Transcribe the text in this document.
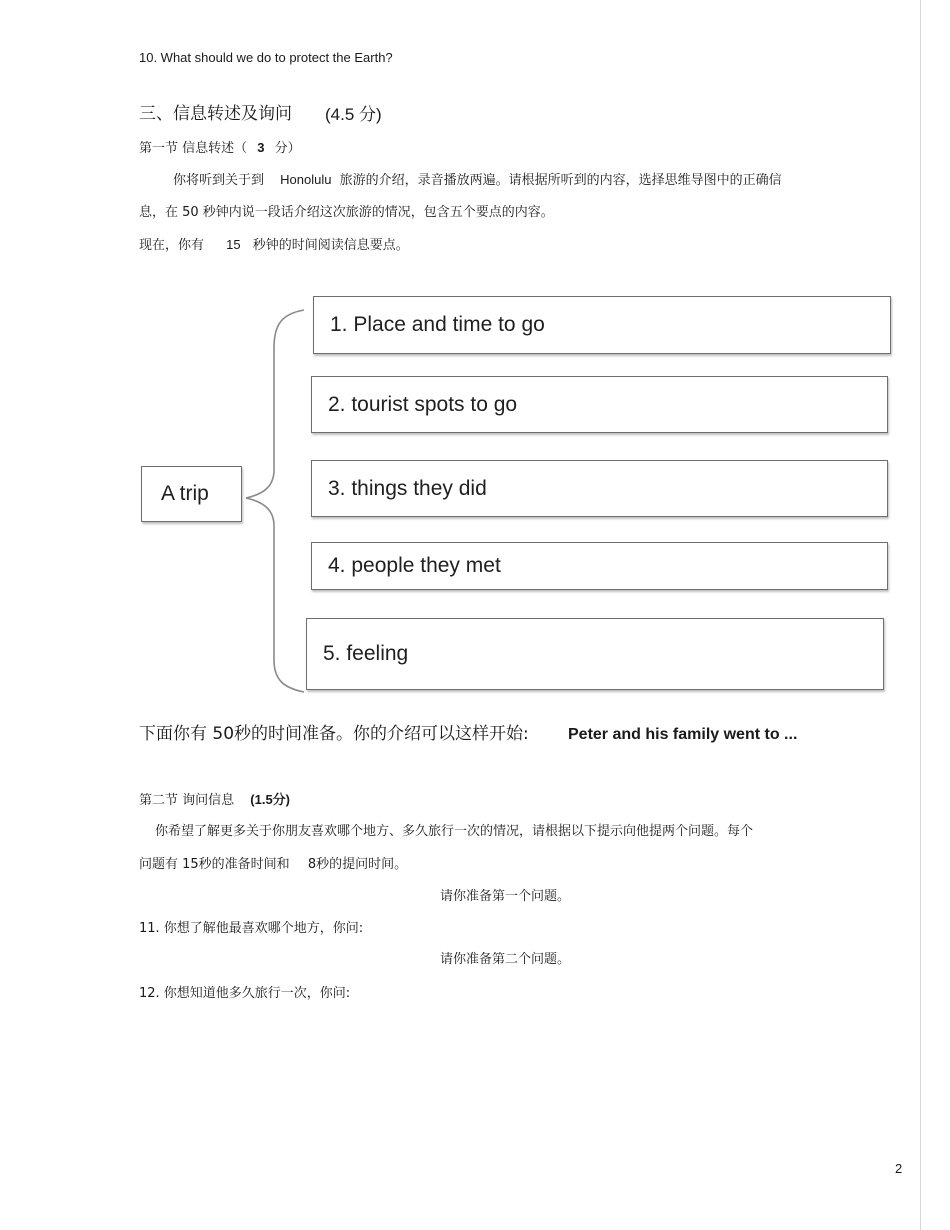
10. What should we do to protect the Earth?
三、信息转述及询问 (4.5 分)
第一节 信息转述（ 3 分）
你将听到关于到 Honolulu 旅游的介绍，录音播放两遍。请根据所听到的内容，选择思维导图中的正确信
息，在 50 秒钟内说一段话介绍这次旅游的情况，包含五个要点的内容。
现在，你有 15 秒钟的时间阅读信息要点。
A trip
1. Place and time to go
2. tourist spots to go
3. things they did
4. people they met
5. feeling
下面你有 50秒的时间准备。你的介绍可以这样开始: Peter and his family went to ...
第二节 询问信息 (1.5分)
你希望了解更多关于你朋友喜欢哪个地方、多久旅行一次的情况，请根据以下提示向他提两个问题。每个
问题有 15秒的准备时间和 8秒的提问时间。
请你准备第一个问题。
11. 你想了解他最喜欢哪个地方，你问:
请你准备第二个问题。
12. 你想知道他多久旅行一次，你问:
2
